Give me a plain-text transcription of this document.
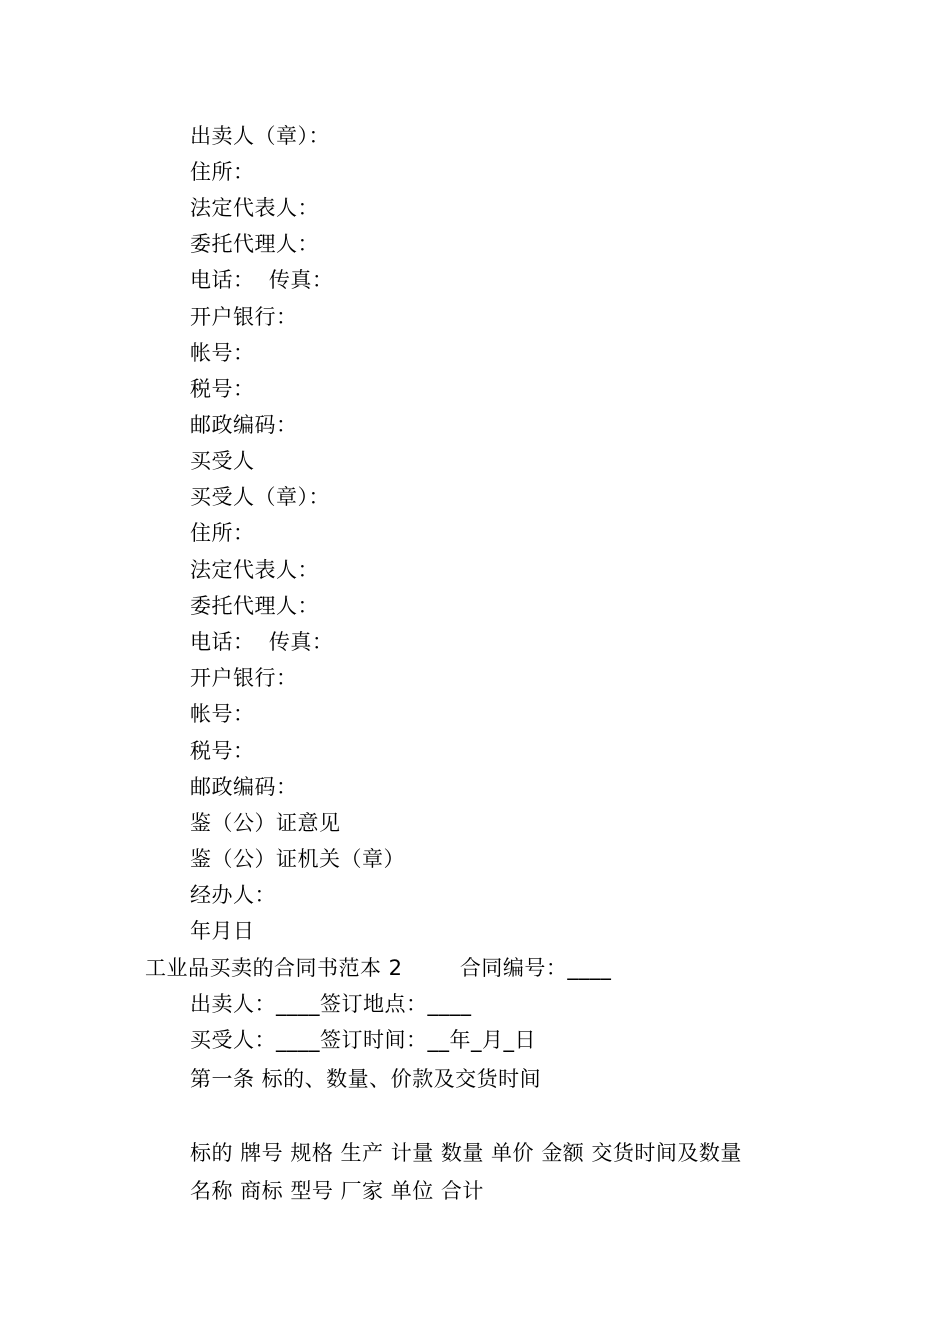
出卖人（章）：
住所：
法定代表人：
委托代理人：
电话：  传真：
开户银行：
帐号：
税号：
邮政编码：
买受人
买受人（章）：
住所：
法定代表人：
委托代理人：
电话：  传真：
开户银行：
帐号：
税号：
邮政编码：
鉴（公）证意见
鉴（公）证机关（章）
经办人：
年月日
工业品买卖的合同书范本 2        合同编号：____
出卖人：____签订地点：____
买受人：____签订时间：__年_月_日
第一条 标的、数量、价款及交货时间
标的 牌号 规格 生产 计量 数量 单价 金额 交货时间及数量
名称 商标 型号 厂家 单位 合计
